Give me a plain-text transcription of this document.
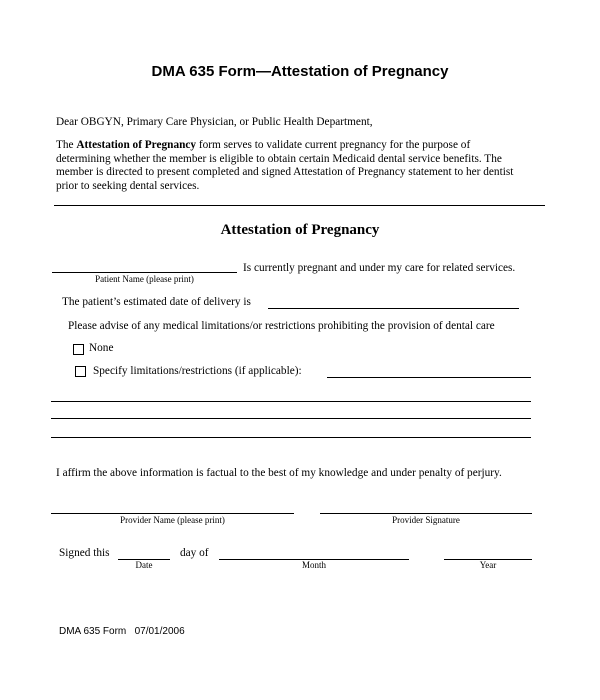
DMA 635 Form—Attestation of Pregnancy
Dear OBGYN, Primary Care Physician, or Public Health Department,
The Attestation of Pregnancy form serves to validate current pregnancy for the purpose of
determining whether the member is eligible to obtain certain Medicaid dental service benefits. The
member is directed to present completed and signed Attestation of Pregnancy statement to her dentist
prior to seeking dental services.
Attestation of Pregnancy
Patient Name (please print)
Is currently pregnant and under my care for related services.
The patient’s estimated date of delivery is
Please advise of any medical limitations/or restrictions prohibiting the provision of dental care
None
Specify limitations/restrictions (if applicable):
I affirm the above information is factual to the best of my knowledge and under penalty of perjury.
Provider Name (please print)	Provider Signature
Signed this
Date
day of
Month	Year
DMA 635 Form   07/01/2006
